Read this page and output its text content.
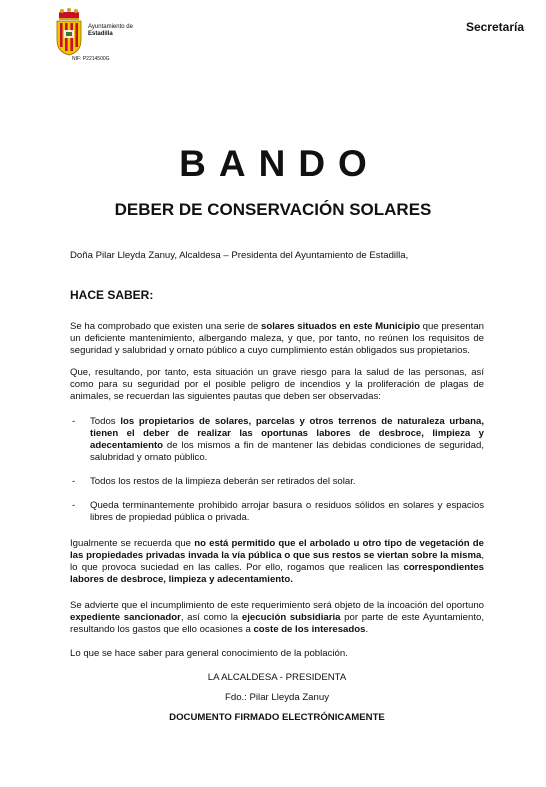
Ayuntamiento de
Estadilla
NIF: P2214500G
Secretaría
BANDO
DEBER DE CONSERVACIÓN SOLARES
Doña Pilar Lleyda Zanuy, Alcaldesa – Presidenta del Ayuntamiento de Estadilla,
HACE SABER:
Se ha comprobado que existen una serie de solares situados en este Municipio que presentan un deficiente mantenimiento, albergando maleza, y que, por tanto, no reúnen los requisitos de seguridad y salubridad y ornato público a cuyo cumplimiento están obligados sus propietarios.
Que, resultando, por tanto, esta situación un grave riesgo para la salud de las personas, así como para su seguridad por el posible peligro de incendios y la proliferación de plagas de animales, se recuerdan las siguientes pautas que deben ser observadas:
- Todos los propietarios de solares, parcelas y otros terrenos de naturaleza urbana, tienen el deber de realizar las oportunas labores de desbroce, limpieza y adecentamiento de los mismos a fin de mantener las debidas condiciones de seguridad, salubridad y ornato público.
- Todos los restos de la limpieza deberán ser retirados del solar.
- Queda terminantemente prohibido arrojar basura o residuos sólidos en solares y espacios libres de propiedad pública o privada.
Igualmente se recuerda que no está permitido que el arbolado u otro tipo de vegetación de las propiedades privadas invada la vía pública o que sus restos se viertan sobre la misma, lo que provoca suciedad en las calles. Por ello, rogamos que realicen las correspondientes labores de desbroce, limpieza y adecentamiento.
Se advierte que el incumplimiento de este requerimiento será objeto de la incoación del oportuno expediente sancionador, así como la ejecución subsidiaria por parte de este Ayuntamiento, resultando los gastos que ello ocasiones a coste de los interesados.
Lo que se hace saber para general conocimiento de la población.
LA ALCALDESA - PRESIDENTA
Fdo.: Pilar Lleyda Zanuy
DOCUMENTO FIRMADO ELECTRÓNICAMENTE
